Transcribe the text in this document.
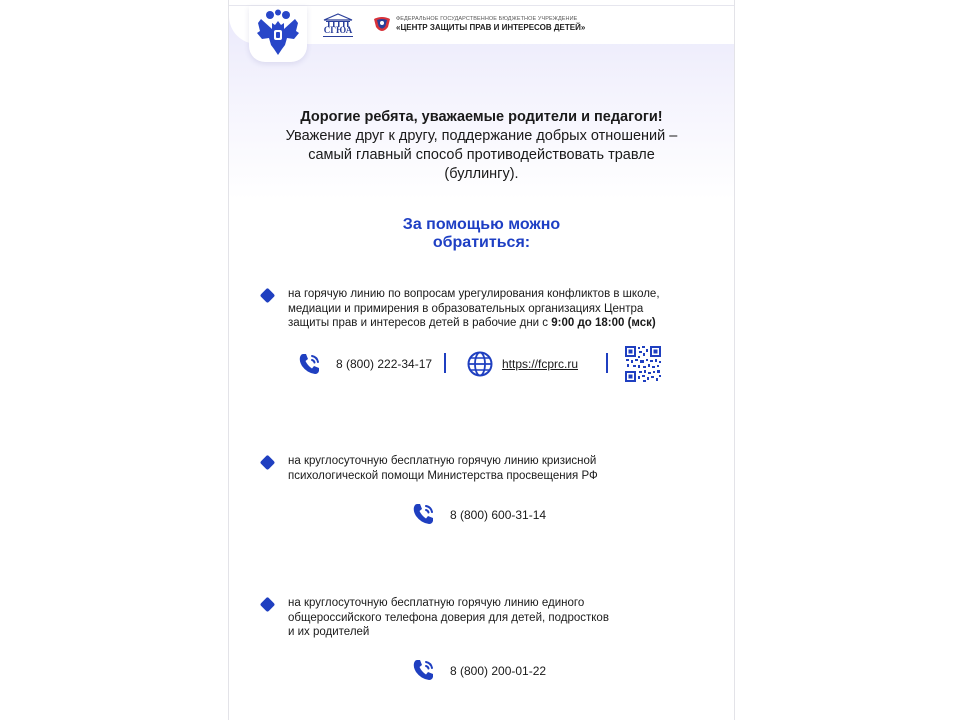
СГЮА
ФЕДЕРАЛЬНОЕ ГОСУДАРСТВЕННОЕ БЮДЖЕТНОЕ УЧРЕЖДЕНИЕ
«ЦЕНТР ЗАЩИТЫ ПРАВ И ИНТЕРЕСОВ ДЕТЕЙ»
Дорогие ребята, уважаемые родители и педагоги!
Уважение друг к другу, поддержание добрых отношений –
самый главный способ противодействовать травле
(буллингу).
За помощью можно
обратиться:
на горячую линию по вопросам урегулирования конфликтов в школе,
медиации и примирения в образовательных организациях Центра
защиты прав и интересов детей в рабочие дни с 9:00 до 18:00 (мск)
8 (800) 222-34-17	https://fcprc.ru
на круглосуточную бесплатную горячую линию кризисной
психологической помощи Министерства просвещения РФ
8 (800) 600-31-14
на круглосуточную бесплатную горячую линию единого
общероссийского телефона доверия для детей, подростков
и их родителей
8 (800) 200-01-22
